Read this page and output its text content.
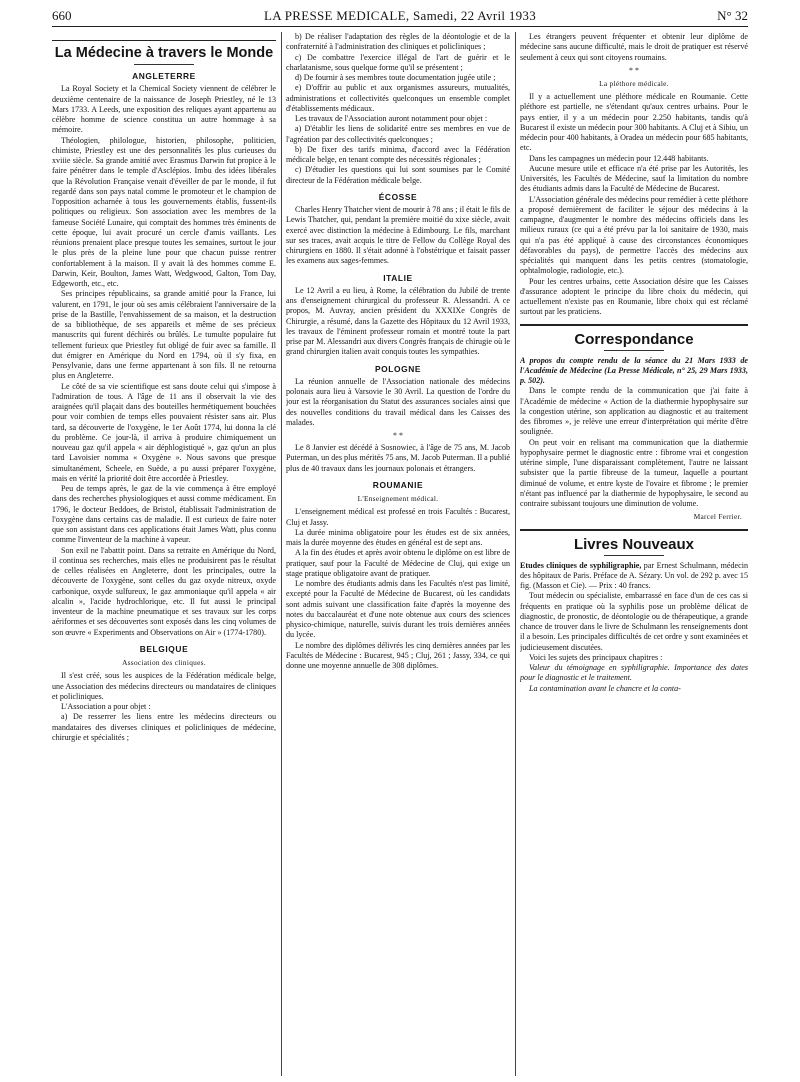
660	LA PRESSE MEDICALE, Samedi, 22 Avril 1933	N° 32
La Médecine à travers le Monde
ANGLETERRE

La Royal Society et la Chemical Society viennent de célébrer le deuxième centenaire de la naissance de Joseph Priestley, né le 13 Mars 1733. A Leeds, une exposition des reliques ayant appartenu au célèbre homme de science constitua un autre hommage à sa mémoire.

Théologien, philologue, historien, philosophe, politicien, chimiste, Priestley est une des personnalités les plus curieuses du xviiie siècle. Sa grande amitié avec Erasmus Darwin fut propice à le faire pénétrer dans le temple d'Asclépios. Imbu des idées libérales que la Révolution Française venait d'éveiller de par le monde, il fut regardé dans son pays natal comme le promoteur et le champion de l'opposition acharnée à tous les gouvernements établis, fussent-ils politiques ou religieux. Son association avec les membres de la fameuse Société Lunaire, qui comptait des hommes très éminents de cette époque, lui avait procuré un cercle d'amis vaillants. Les réunions prenaient place presque toutes les semaines, surtout le jour le plus près de la pleine lune pour que chacun puisse rentrer confortablement à la maison. Il y avait là des hommes comme E. Darwin, Keir, Boulton, James Watt, Wedgwood, Galton, Tom Day, Edgeworth, etc., etc.

Ses principes républicains, sa grande amitié pour la France, lui valurent, en 1791, le jour où ses amis célébraient l'anniversaire de la prise de la Bastille, l'envahissement de sa maison, et la destruction de sa bibliothèque, de ses appareils et même de ses précieux manuscrits qui furent déchirés ou brûlés. Le tumulte populaire fut tellement furieux que Priestley fut obligé de fuir avec sa famille. Il dut émigrer en Amérique du Nord en 1794, où il s'y fixa, en Pensylvanie, dans une ferme appartenant à son fils. Il ne retourna plus en Angleterre.

Le côté de sa vie scientifique est sans doute celui qui s'impose à l'admiration de tous. A l'âge de 11 ans il observait la vie des araignées qu'il plaçait dans des bouteilles hermétiquement bouchées pour voir combien de temps elles pouvaient résister sans air. Plus tard, sa découverte de l'oxygène, le 1er Août 1774, lui donna la clé du problème. Ce jour-là, il arriva à produire chimiquement un nouveau gaz qu'il appela « air déphlogistiqué », gaz qu'un an plus tard Lavoisier nomma « Oxygène ». Nous savons que presque simultanément, Scheele, en Suède, a pu aussi préparer l'oxygène, mais en vérité la priorité doit être accordée à Priestley.

Peu de temps après, le gaz de la vie commença à être employé dans des recherches physiologiques et aussi comme médicament. En 1796, le docteur Beddoes, de Bristol, établissait l'administration de l'oxygène dans certains cas de maladie. Il est curieux de faire noter que son assistant dans ces applications était James Watt, plus connu comme l'inventeur de la machine à vapeur.

Son exil ne l'abattit point. Dans sa retraite en Amérique du Nord, il continua ses recherches, mais elles ne produisirent pas le résultat de celles réalisées en Angleterre, dont les principales, outre la découverte de l'oxygène, sont celles du gaz oxyde nitreux, oxyde carbonique, oxyde sulfureux, le gaz ammoniaque qu'il appela « air alcalin », l'acide hydrochlorique, etc. Il fut aussi le principal inventeur de la machine pneumatique et ses travaux sur les corps aériformes et ses découvertes sont exposés dans les cinq volumes de son œuvre « Experiments and Observations on Air » (1774-1780).

BELGIQUE
Association des cliniques.

Il s'est créé, sous les auspices de la Fédération médicale belge, une Association des médecins directeurs ou mandataires de cliniques et policliniques.

L'Association a pour objet :

a) De resserrer les liens entre les médecins directeurs ou mandataires des diverses cliniques et policliniques de médecine, chirurgie et spécialités ;

b) De réaliser l'adaptation des règles de la déontologie et de la confraternité à l'administration des cliniques et policliniques ;

c) De combattre l'exercice illégal de l'art de guérir et le charlatanisme, sous quelque forme qu'il se présentent ;

d) De fournir à ses membres toute documentation jugée utile ;

e) D'offrir au public et aux organismes assureurs, mutualités, administrations et collectivités quelconques un ensemble complet d'établissements médicaux.

Les travaux de l'Association auront notamment pour objet :

a) D'établir les liens de solidarité entre ses membres en vue de l'agréation par des collectivités quelconques ;

b) De fixer des tarifs minima, d'accord avec la Fédération médicale belge, en tenant compte des nécessités régionales ;

c) D'étudier les questions qui lui sont soumises par le Comité directeur de la Fédération médicale belge.

ÉCOSSE

Charles Henry Thatcher vient de mourir à 78 ans ; il était le fils de Lewis Thatcher, qui, pendant la première moitié du xixe siècle, avait exercé avec distinction la médecine à Edimbourg. Le fils, marchant sur ses traces, avait acquis le titre de Fellow du Collège Royal des chirurgiens en 1880. Il s'était adonné à l'obstétrique et faisait passer les examens aux sages-femmes.

ITALIE

Le 12 Avril a eu lieu, à Rome, la célébration du Jubilé de trente ans d'enseignement chirurgical du professeur R. Alessandri. A ce propos, M. Auvray, ancien président du XXXIXe Congrès de Chirurgie, a résumé, dans la Gazette des Hôpitaux du 12 Avril 1933, les travaux de l'éminent professeur romain et montré toute la part prise par M. Alessandri aux divers Congrès français de chirugie où le grand chirurgien italien avait conquis toutes les sympathies.

POLOGNE

La réunion annuelle de l'Association nationale des médecins polonais aura lieu à Varsovie le 30 Avril. La question de l'ordre du jour est la réorganisation du Statut des assurances sociales ainsi que des nouvelles conditions du travail médical dans les Caisses des malades.

* *

Le 8 Janvier est décédé à Sosnowiec, à l'âge de 75 ans, M. Jacob Puterman, un des plus mérités 75 ans, M. Jacob Puterman. Il a publié plus de 40 travaux dans les journaux polonais et étrangers.

ROUMANIE
L'Enseignement médical.

L'enseignement médical est professé en trois Facultés : Bucarest, Cluj et Jassy.

La durée minima obligatoire pour les études est de six années, mais la durée moyenne des études en général est de sept ans.

A la fin des études et après avoir obtenu le diplôme on est libre de pratiquer, sauf pour la Faculté de Médecine de Cluj, qui exige un stage pratique obligatoire avant de pratiquer.

Le nombre des étudiants admis dans les Facultés n'est pas limité, excepté pour la Faculté de Médecine de Bucarest, où les candidats sont admis suivant une classification faite d'après la moyenne des notes du baccalauréat et d'une note obtenue aux cours des sciences physico-chimique, naturelle, suivis durant les trois dernières années du lycée.

Le nombre des diplômes délivrés les cinq dernières années par les Facultés de Médecine : Bucarest, 945 ; Cluj, 261 ; Jassy, 334, ce qui donne une moyenne annuelle de 308 diplômes.

Les étrangers peuvent fréquenter et obtenir leur diplôme de médecine sans aucune difficulté, mais le droit de pratiquer est réservé seulement à ceux qui sont citoyens roumains.

* *
La pléthore médicale.

Il y a actuellement une pléthore médicale en Roumanie. Cette pléthore est partielle, ne s'étendant qu'aux centres urbains. Pour le pays entier, il y a un médecin pour 2.250 habitants, tandis qu'à Bucarest il existe un médecin pour 300 habitants. A Cluj et à Sibiu, un médecin pour 400 habitants, à Oradea un médecin pour 685 habitants, etc.

Dans les campagnes un médecin pour 12.448 habitants.

Aucune mesure utile et efficace n'a été prise par les Autorités, les Universités, les Facultés de Médecine, sauf la limitation du nombre des étudiants admis dans la Faculté de Médecine de Bucarest.

L'Association générale des médecins pour remédier à cette pléthore a proposé dernièrement de faciliter le séjour des médecins à la campagne, d'augmenter le nombre des médecins officiels dans les milieux ruraux (ce qui a été prévu par la loi sanitaire de 1930, mais qui n'a pas été appliqué à cause des circonstances économiques défavorables du pays), de permettre l'accès des médecins aux spécialités qui manquent dans les petits centres (stomatologie, ophtalmologie, radiologie, etc.).

Pour les centres urbains, cette Association désire que les Caisses d'assurance adoptent le principe du libre choix du médecin, qui actuellement n'existe pas en Roumanie, libre choix qui est réclamé surtout par les praticiens.

Correspondance

A propos du compte rendu de la séance du 21 Mars 1933 de l'Académie de Médecine (La Presse Médicale, n° 25, 29 Mars 1933, p. 502).

Dans le compte rendu de la communication que j'ai faite à l'Académie de médecine « Action de la diathermie hypophysaire sur la congestion utérine, son application au diagnostic et au traitement des fibromes », je relève une erreur d'interprétation qui mérite d'être soulignée.

On peut voir en relisant ma communication que la diathermie hypophysaire permet le diagnostic entre : fibrome vrai et congestion utérine simple, l'une disparaissant complètement, l'autre ne laissant subsister que la partie fibreuse de la tumeur, laquelle a pourtant diminué de volume, et entre kyste de l'ovaire et fibrome ; le premier n'étant pas influencé par la diathermie de hypophysaire, le second au contraire subissant toujours une diminution de volume.

Marcel Ferrier.
Livres Nouveaux

Etudes cliniques de syphiligraphie, par Ernest Schulmann, médecin des hôpitaux de Paris. Préface de A. Sézary. Un vol. de 292 p. avec 15 fig. (Masson et Cie). — Prix : 40 francs.

Tout médecin ou spécialiste, embarrassé en face d'un de ces cas si fréquents en pratique où la syphilis pose un problème délicat de diagnostic, de pronostic, de déontologie ou de thérapeutique, a grande chance de trouver dans le livre de Schulmann les renseignements dont il a besoin. Les principales difficultés de cet ordre y sont examinées et judicieusement discutées.

Voici les sujets des principaux chapitres :

Valeur du témoignage en syphiligraphie. Importance des dates pour le diagnostic et le traitement.

La contamination avant le chancre et la conta-
